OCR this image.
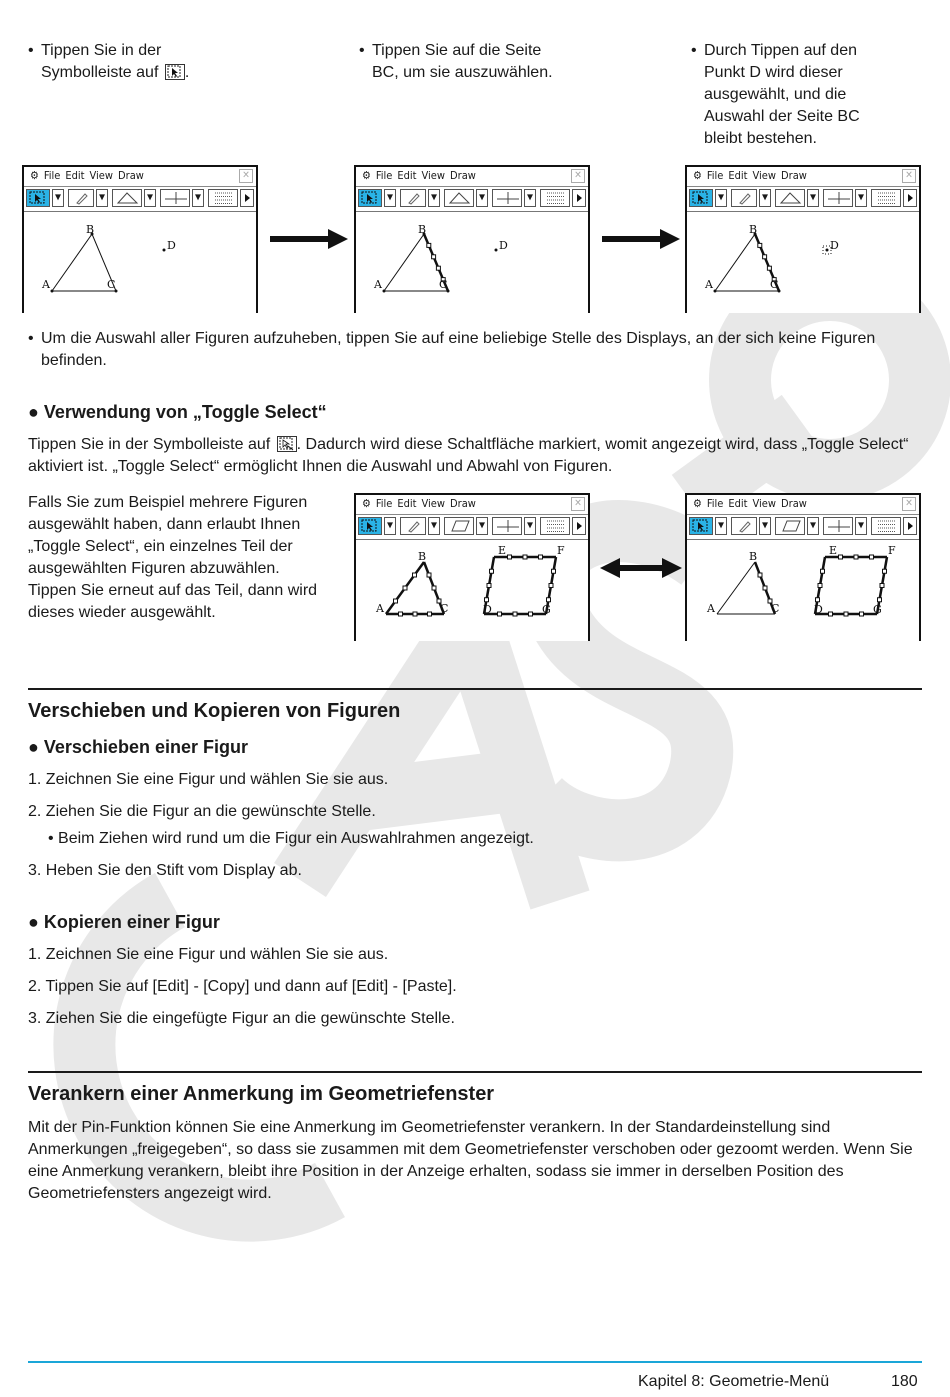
• Tippen Sie in der
Symbolleiste auf .
• Tippen Sie auf die Seite
BC, um sie auszuwählen.
• Durch Tippen auf den
Punkt D wird dieser
ausgewählt, und die
Auswahl der Seite BC
bleibt bestehen.
⚙ File Edit View Draw	✕
▼	▼	▼	▼
A
B
C
D
⚙ File Edit View Draw	✕
▼	▼	▼	▼
A
B
C
D
⚙ File Edit View Draw	✕
▼	▼	▼	▼
A
B
C
D
• Um die Auswahl aller Figuren aufzuheben, tippen Sie auf eine beliebige Stelle des Displays, an der sich keine Figuren befinden.
● Verwendung von „Toggle Select“
Tippen Sie in der Symbolleiste auf . Dadurch wird diese Schaltfläche markiert, womit angezeigt wird, dass „Toggle Select“ aktiviert ist. „Toggle Select“ ermöglicht Ihnen die Auswahl und Abwahl von Figuren.
Falls Sie zum Beispiel mehrere Figuren ausgewählt haben, dann erlaubt Ihnen „Toggle Select“, ein einzelnes Teil der ausgewählten Figuren abzuwählen. Tippen Sie erneut auf das Teil, dann wird dieses wieder ausgewählt.
⚙ File Edit View Draw	✕
▼	▼	▼	▼
A
B
C
E	F
D	G
⚙ File Edit View Draw	✕
▼	▼	▼	▼
A
B
C
E	F
D	G
Verschieben und Kopieren von Figuren
● Verschieben einer Figur
1. Zeichnen Sie eine Figur und wählen Sie sie aus.
2. Ziehen Sie die Figur an die gewünschte Stelle.
• Beim Ziehen wird rund um die Figur ein Auswahlrahmen angezeigt.
3. Heben Sie den Stift vom Display ab.
● Kopieren einer Figur
1. Zeichnen Sie eine Figur und wählen Sie sie aus.
2. Tippen Sie auf [Edit] - [Copy] und dann auf [Edit] - [Paste].
3. Ziehen Sie die eingefügte Figur an die gewünschte Stelle.
Verankern einer Anmerkung im Geometriefenster
Mit der Pin-Funktion können Sie eine Anmerkung im Geometriefenster verankern. In der Standardeinstellung sind Anmerkungen „freigegeben“, so dass sie zusammen mit dem Geometriefenster verschoben oder gezoomt werden. Wenn Sie eine Anmerkung verankern, bleibt ihre Position in der Anzeige erhalten, sodass sie immer in derselben Position des Geometriefensters angezeigt wird.
Kapitel 8: Geometrie-Menü	180
